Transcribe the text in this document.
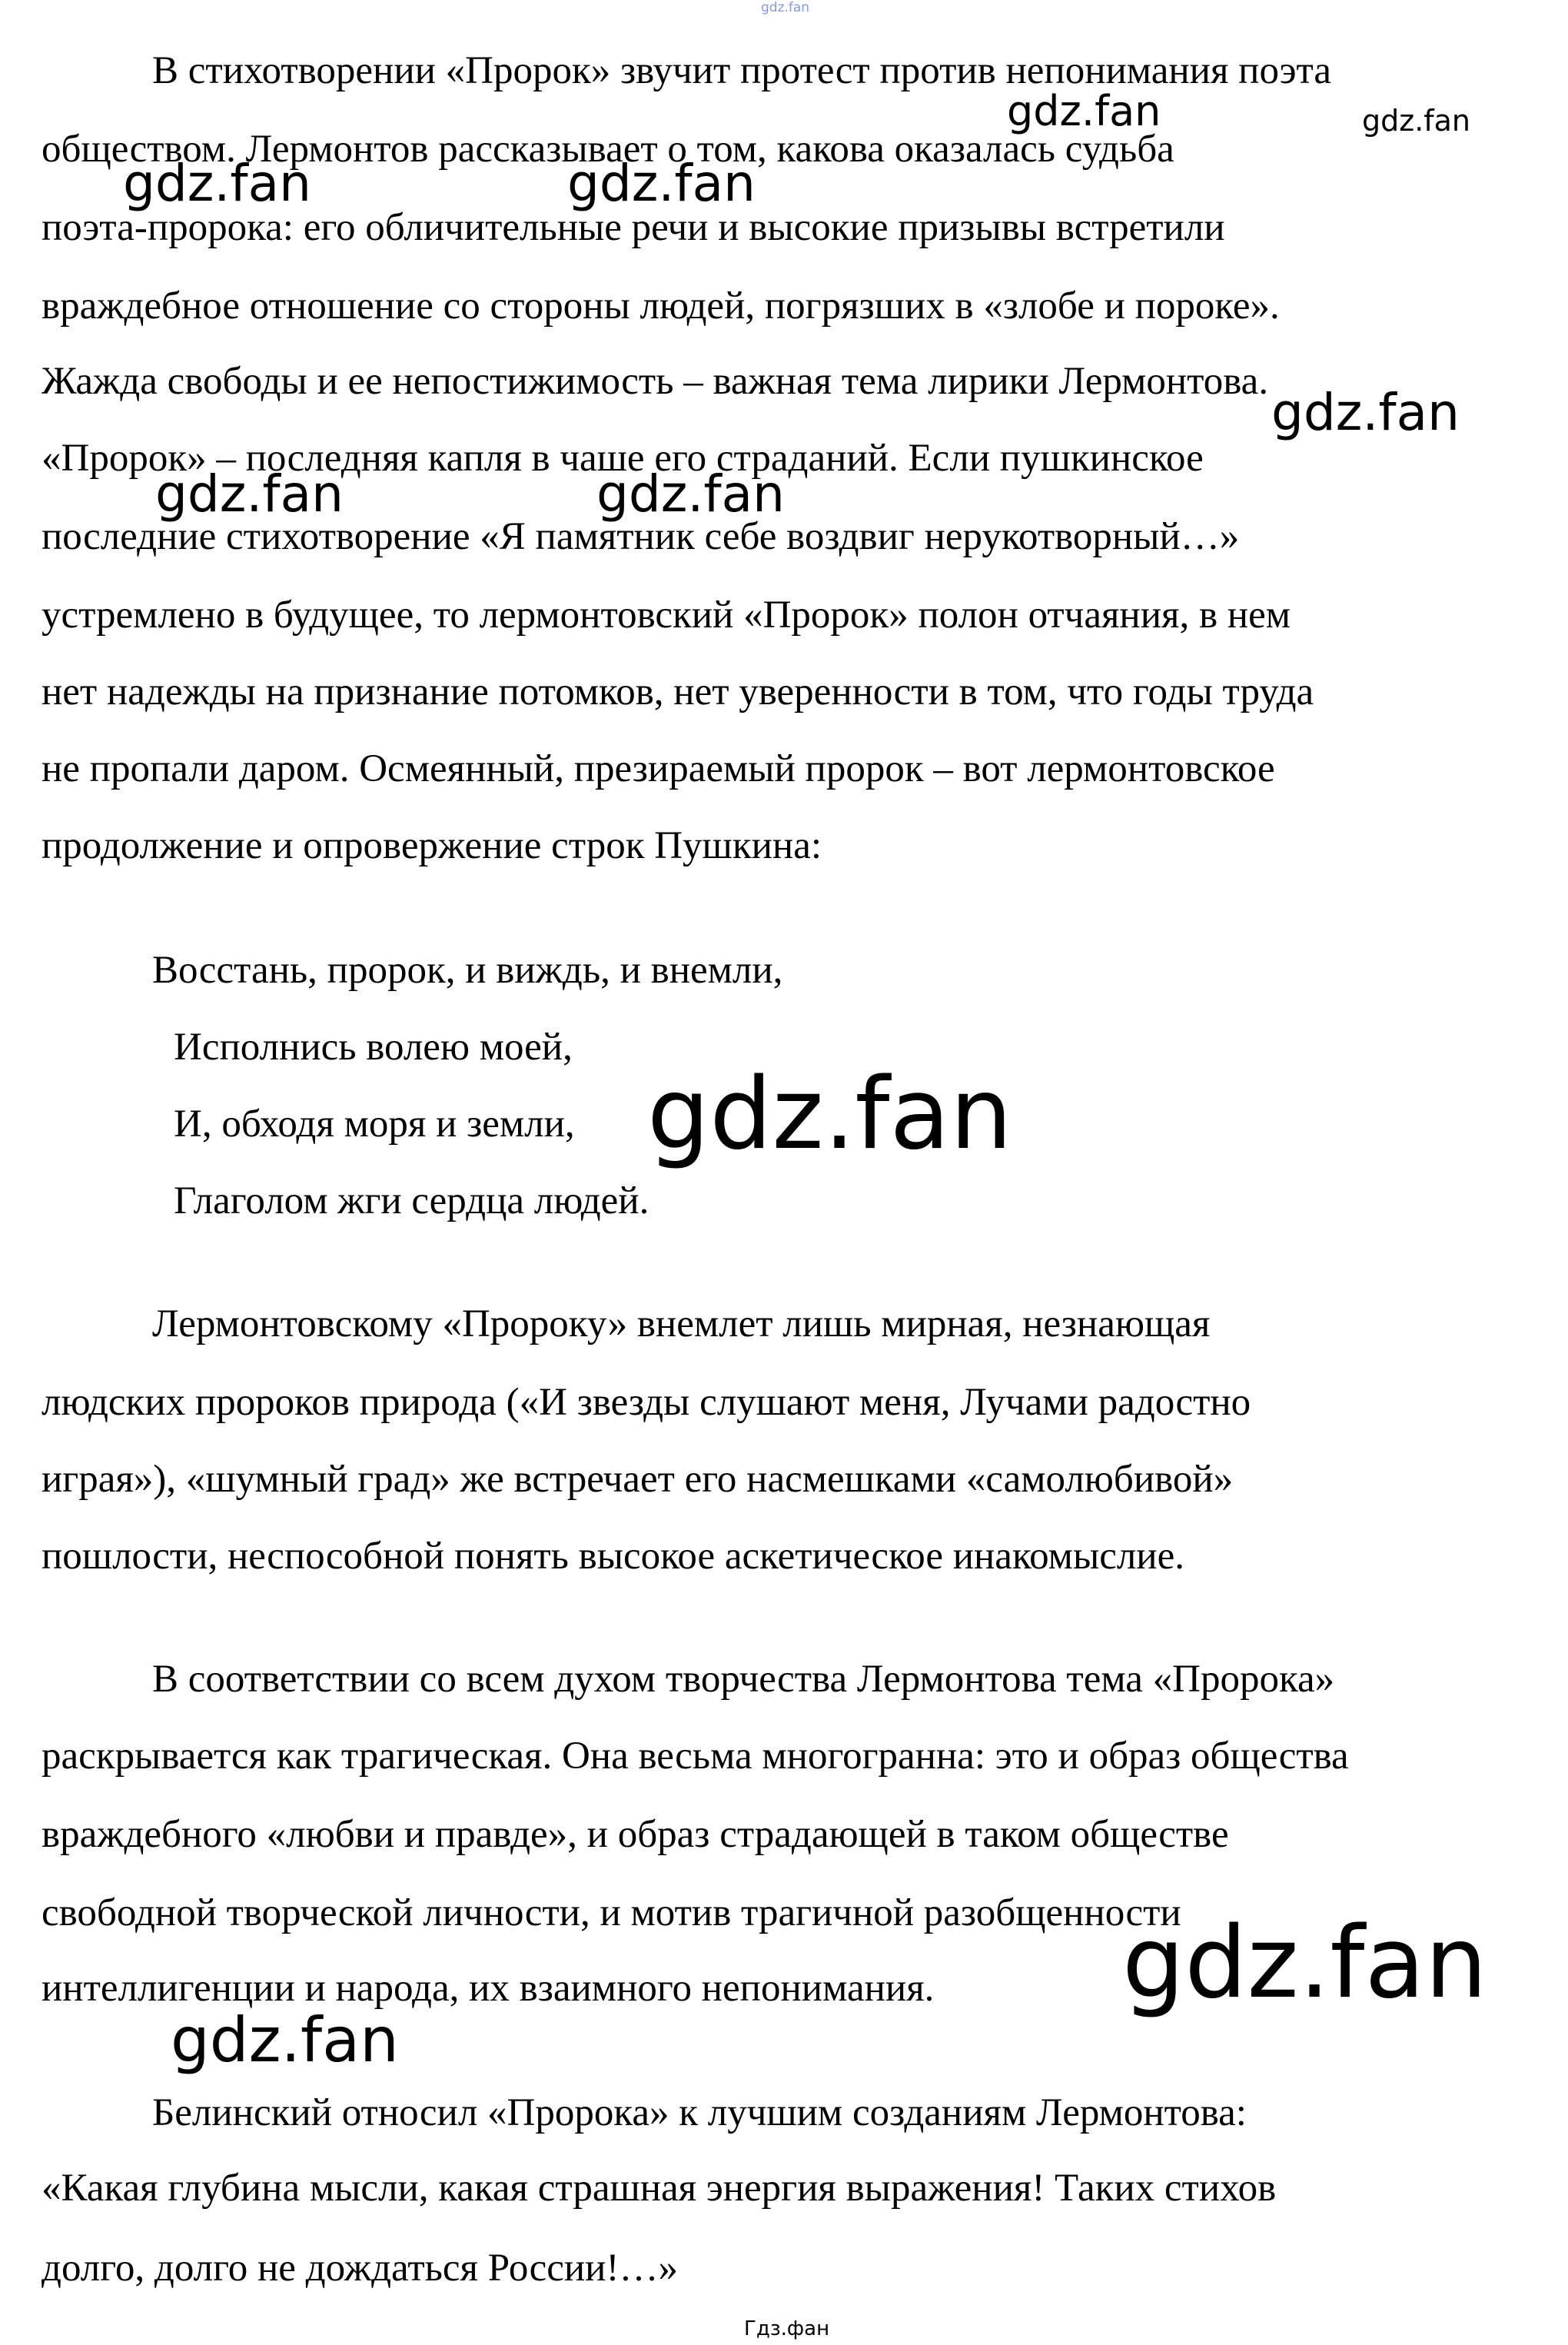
gdz.fan
В стихотворении «Пророк» звучит протест против непонимания поэта
обществом. Лермонтов рассказывает о том, какова оказалась судьба
поэта-пророка: его обличительные речи и высокие призывы встретили
враждебное отношение со стороны людей, погрязших в «злобе и пороке».
Жажда свободы и ее непостижимость – важная тема лирики Лермонтова.
«Пророк» – последняя капля в чаше его страданий. Если пушкинское
последние стихотворение «Я памятник себе воздвиг нерукотворный…»
устремлено в будущее, то лермонтовский «Пророк» полон отчаяния, в нем
нет надежды на признание потомков, нет уверенности в том, что годы труда
не пропали даром. Осмеянный, презираемый пророк – вот лермонтовское
продолжение и опровержение строк Пушкина:
Восстань, пророк, и виждь, и внемли,
Исполнись волею моей,
И, обходя моря и земли,
Глаголом жги сердца людей.
Лермонтовскому «Пророку» внемлет лишь мирная, незнающая
людских пророков природа («И звезды слушают меня, Лучами радостно
играя»), «шумный град» же встречает его насмешками «самолюбивой»
пошлости, неспособной понять высокое аскетическое инакомыслие.
В соответствии со всем духом творчества Лермонтова тема «Пророка»
раскрывается как трагическая. Она весьма многогранна: это и образ общества
враждебного «любви и правде», и образ страдающей в таком обществе
свободной творческой личности, и мотив трагичной разобщенности
интеллигенции и народа, их взаимного непонимания.
Белинский относил «Пророка» к лучшим созданиям Лермонтова:
«Какая глубина мысли, какая страшная энергия выражения! Таких стихов
долго, долго не дождаться России!…»
gdz.fan	gdz.fan
gdz.fan	gdz.fan
gdz.fan
gdz.fan	gdz.fan
gdz.fan
gdz.fan
gdz.fan
Гдз.фан
